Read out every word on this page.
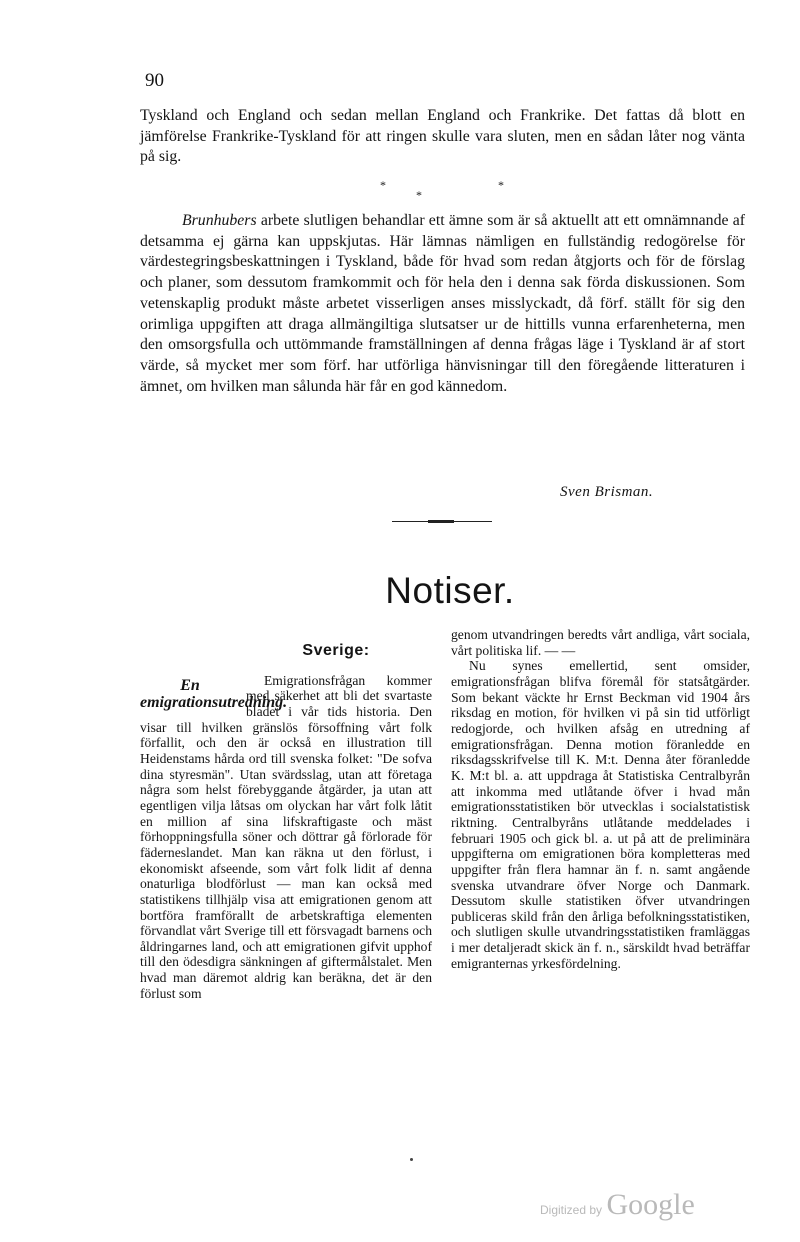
90

Tyskland och England och sedan mellan England och Frankrike. Det fattas då blott en jämförelse Frankrike-Tyskland för att ringen skulle vara sluten, men en sådan låter nog vänta på sig.

*
*
*

Brunhubers arbete slutligen behandlar ett ämne som är så aktuellt att ett omnämnande af detsamma ej gärna kan uppskjutas. Här lämnas nämligen en fullständig redogörelse för värdestegringsbeskattningen i Tyskland, både för hvad som redan åtgjorts och för de förslag och planer, som dessutom framkommit och för hela den i denna sak förda diskussionen. Som vetenskaplig produkt måste arbetet visserligen anses misslyckadt, då förf. ställt för sig den orimliga uppgiften att draga allmängiltiga slutsatser ur de hittills vunna erfarenheterna, men den omsorgsfulla och uttömmande framställningen af denna frågas läge i Tyskland är af stort värde, så mycket mer som förf. har utförliga hänvisningar till den föregående litteraturen i ämnet, om hvilken man sålunda här får en god kännedom.

Sven Brisman.
Notiser.
Sverige:
En emigrationsutredning.

Emigrationsfrågan kommer med säkerhet att bli det svartaste bladet i vår tids historia. Den visar till hvilken gränslös försoffning vårt folk förfallit, och den är också en illustration till Heidenstams hårda ord till svenska folket: "De sofva dina styresmän". Utan svärdsslag, utan att företaga några som helst förebyggande åtgärder, ja utan att egentligen vilja låtsas om olyckan har vårt folk låtit en million af sina lifskraftigaste och mäst förhoppningsfulla söner och döttrar gå förlorade för fäderneslandet. Man kan räkna ut den förlust, i ekonomiskt afseende, som vårt folk lidit af denna onaturliga blodförlust — man kan också med statistikens tillhjälp visa att emigrationen genom att bortföra framförallt de arbetskraftiga elementen förvandlat vårt Sverige till ett försvagadt barnens och åldringarnes land, och att emigrationen gifvit upphof till den ödesdigra sänkningen af giftermålstalet. Men hvad man däremot aldrig kan beräkna, det är den förlust som

genom utvandringen beredts vårt andliga, vårt sociala, vårt politiska lif. — —

Nu synes emellertid, sent omsider, emigrationsfrågan blifva föremål för statsåtgärder. Som bekant väckte hr Ernst Beckman vid 1904 års riksdag en motion, för hvilken vi på sin tid utförligt redogjorde, och hvilken afsåg en utredning af emigrationsfrågan. Denna motion föranledde en riksdagsskrifvelse till K. M:t. Denna åter föranledde K. M:t bl. a. att uppdraga åt Statistiska Centralbyrån att inkomma med utlåtande öfver i hvad mån emigrationsstatistiken bör utvecklas i socialstatistisk riktning. Centralbyråns utlåtande meddelades i februari 1905 och gick bl. a. ut på att de preliminära uppgifterna om emigrationen böra kompletteras med uppgifter från flera hamnar än f. n. samt angående svenska utvandrare öfver Norge och Danmark. Dessutom skulle statistiken öfver utvandringen publiceras skild från den årliga befolkningsstatistiken, och slutligen skulle utvandringsstatistiken framläggas i mer detaljeradt skick än f. n., särskildt hvad beträffar emigranternas yrkesfördelning.

Digitized by Google
